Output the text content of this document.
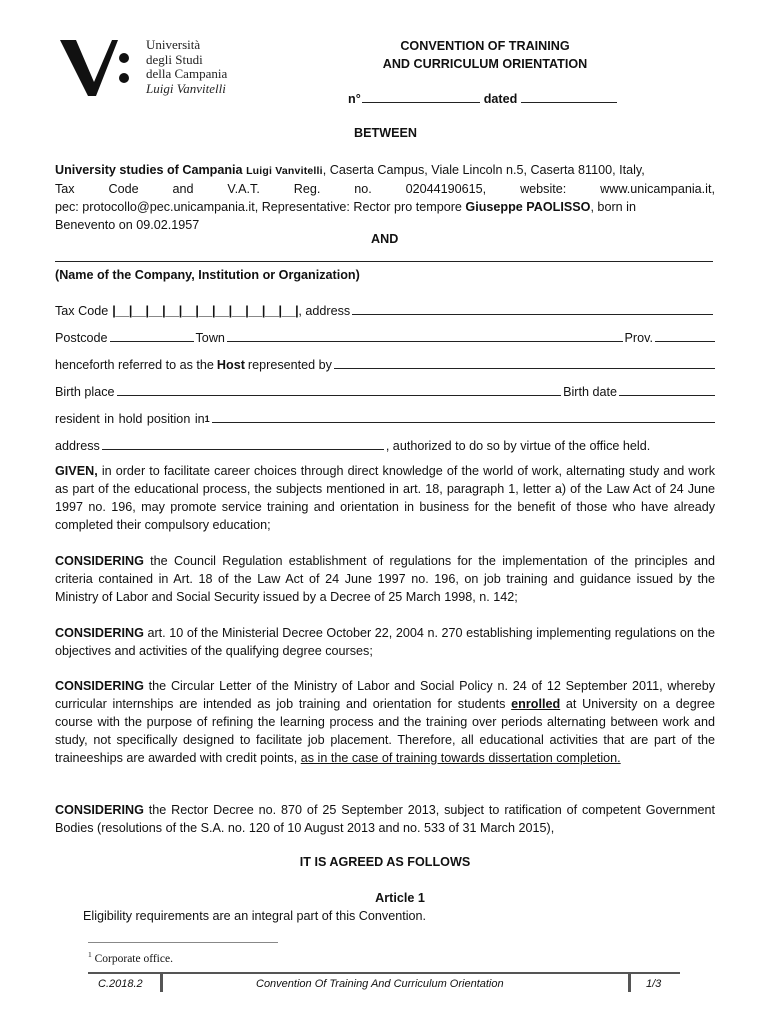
Università
degli Studi
della Campania
Luigi Vanvitelli
CONVENTION OF TRAINING
AND CURRICULUM ORIENTATION
n°	dated
BETWEEN
University studies of Campania Luigi Vanvitelli, Caserta Campus, Viale Lincoln n.5, Caserta 81100, Italy,
Tax	Code	and	V.A.T.	Reg.	no.	02044190615,	website:	www.unicampania.it,
pec: protocollo@pec.unicampania.it, Representative: Rector pro tempore Giuseppe PAOLISSO, born in
Benevento on 09.02.1957
AND
(Name of the Company, Institution or Organization)
Tax Code |__|__|__|__|__|__|__|__|__|__|__| , address
Postcode	Town	Prov.
henceforth referred to as the Host represented by
Birth place	Birth date
resident in hold position $in^1$
address	, authorized to do so by virtue of the office held.
GIVEN, in order to facilitate career choices through direct knowledge of the world of work, alternating study and work as part of the educational process, the subjects mentioned in art. 18, paragraph 1, letter a) of the Law Act of 24 June 1997 no. 196, may promote service training and orientation in business for the benefit of those who have already completed their compulsory education;
CONSIDERING the Council Regulation establishment of regulations for the implementation of the principles and criteria contained in Art. 18 of the Law Act of 24 June 1997 no. 196, on job training and guidance issued by the Ministry of Labor and Social Security issued by a Decree of 25 March 1998, n. 142;
CONSIDERING art. 10 of the Ministerial Decree October 22, 2004 n. 270 establishing implementing regulations on the objectives and activities of the qualifying degree courses;
CONSIDERING the Circular Letter of the Ministry of Labor and Social Policy n. 24 of 12 September 2011, whereby curricular internships are intended as job training and orientation for students enrolled at University on a degree course with the purpose of refining the learning process and the training over periods alternating between work and study, not specifically designed to facilitate job placement. Therefore, all educational activities that are part of the traineeships are awarded with credit points, as in the case of training towards dissertation completion.
CONSIDERING the Rector Decree no. 870 of 25 September 2013, subject to ratification of competent Government Bodies (resolutions of the S.A. no. 120 of 10 August 2013 and no. 533 of 31 March 2015),
IT IS AGREED AS FOLLOWS
Article 1
Eligibility requirements are an integral part of this Convention.
$^1$ Corporate office.
C.2018.2	Convention Of Training And Curriculum Orientation	1/3
